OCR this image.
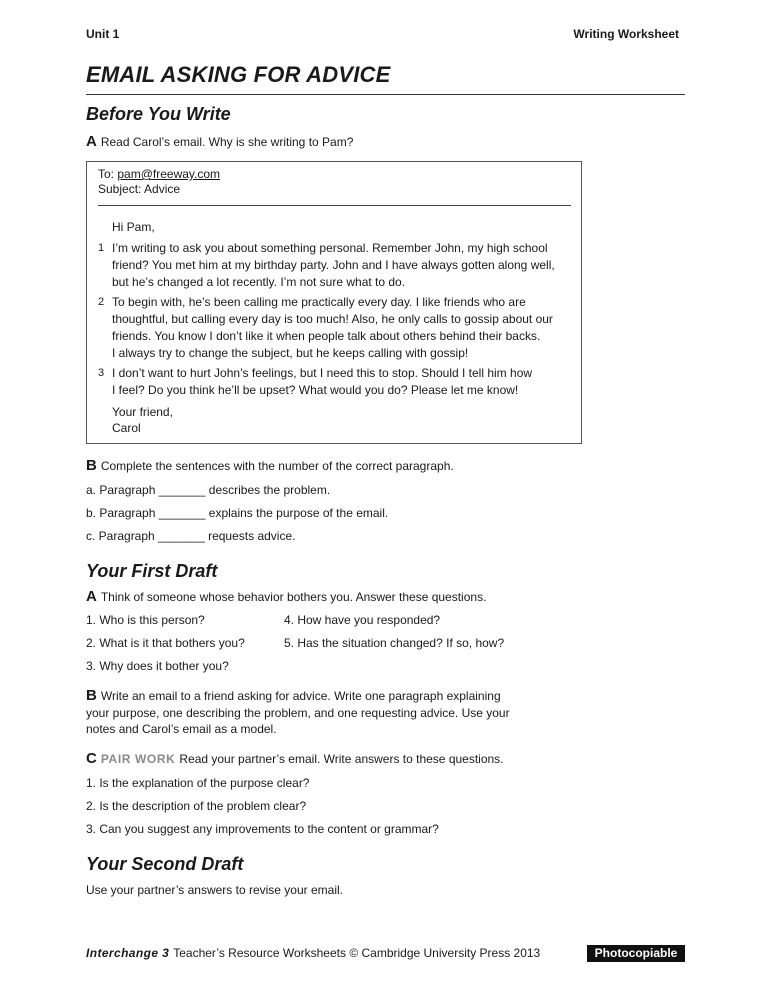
Unit 1	Writing Worksheet
EMAIL ASKING FOR ADVICE
Before You Write
A Read Carol’s email. Why is she writing to Pam?
To: pam@freeway.com
Subject: Advice
Hi Pam,
1 I’m writing to ask you about something personal. Remember John, my high school
friend? You met him at my birthday party. John and I have always gotten along well,
but he’s changed a lot recently. I’m not sure what to do.
2 To begin with, he’s been calling me practically every day. I like friends who are
thoughtful, but calling every day is too much! Also, he only calls to gossip about our
friends. You know I don’t like it when people talk about others behind their backs.
I always try to change the subject, but he keeps calling with gossip!
3 I don’t want to hurt John’s feelings, but I need this to stop. Should I tell him how
I feel? Do you think he’ll be upset? What would you do? Please let me know!
Your friend,
Carol
B Complete the sentences with the number of the correct paragraph.
a. Paragraph _______ describes the problem.
b. Paragraph _______ explains the purpose of the email.
c. Paragraph _______ requests advice.
Your First Draft
A Think of someone whose behavior bothers you. Answer these questions.
1. Who is this person?
2. What is it that bothers you?
3. Why does it bother you?
4. How have you responded?
5. Has the situation changed? If so, how?
B Write an email to a friend asking for advice. Write one paragraph explaining
your purpose, one describing the problem, and one requesting advice. Use your
notes and Carol’s email as a model.
C PAIR WORK Read your partner’s email. Write answers to these questions.
1. Is the explanation of the purpose clear?
2. Is the description of the problem clear?
3. Can you suggest any improvements to the content or grammar?
Your Second Draft
Use your partner’s answers to revise your email.
Interchange 3 Teacher’s Resource Worksheets © Cambridge University Press 2013	Photocopiable
